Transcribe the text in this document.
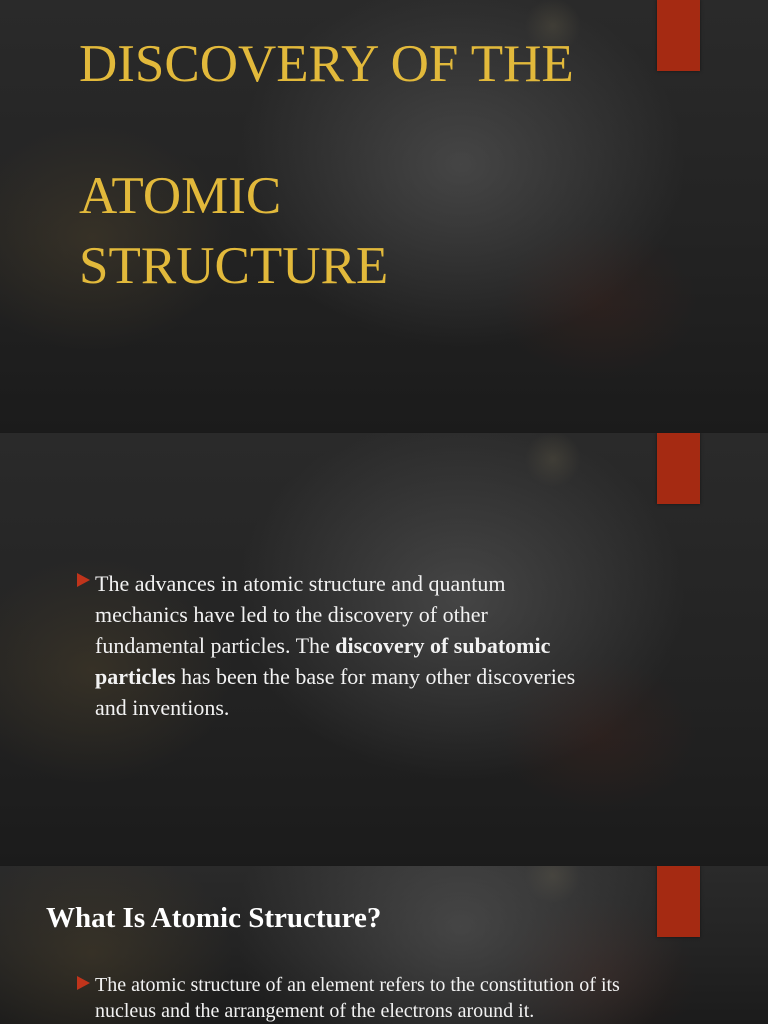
DISCOVERY OF THE
ATOMIC
STRUCTURE

The advances in atomic structure and quantum mechanics have led to the discovery of other fundamental particles. The discovery of subatomic particles has been the base for many other discoveries and inventions.

What Is Atomic Structure?

The atomic structure of an element refers to the constitution of its nucleus and the arrangement of the electrons around it.
